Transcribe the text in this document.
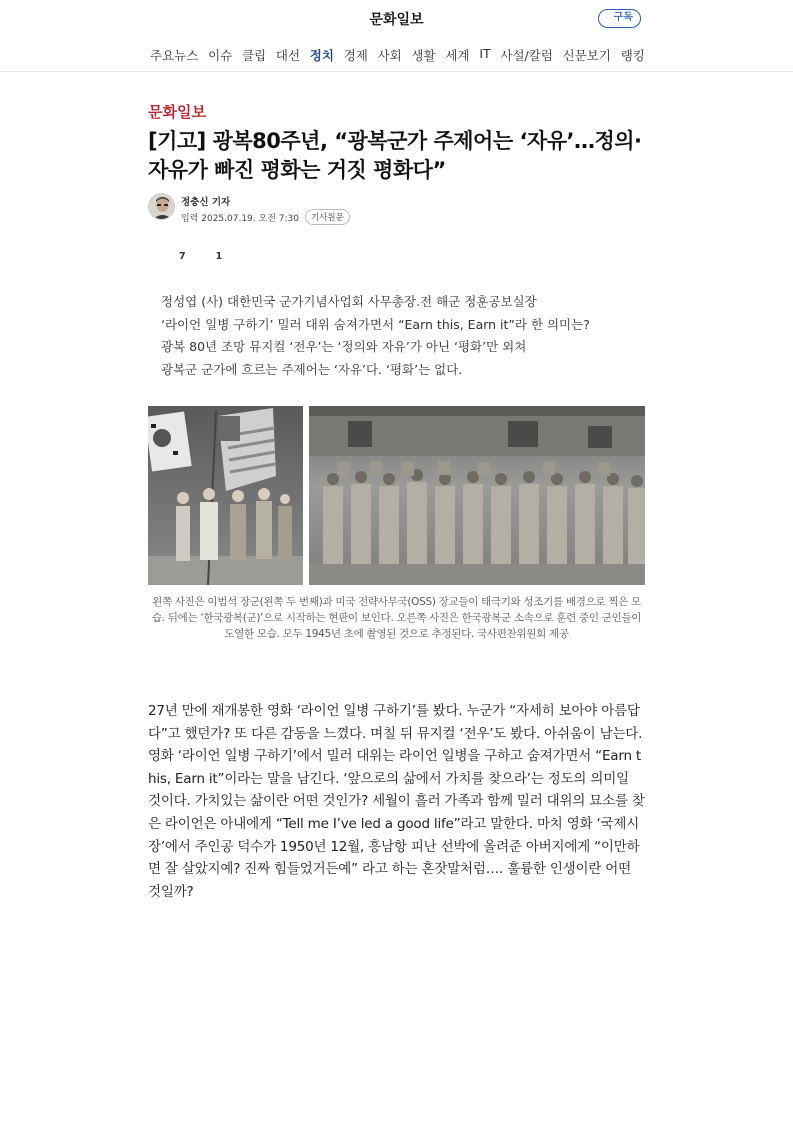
문화일보	구독
주요뉴스 이슈 클립 대선 정치 경제 사회 생활 세계 IT 사설/칼럼 신문보기 랭킹
문화일보
[기고] 광복80주년, “광복군가 주제어는 ‘자유’…정의·자유가 빠진 평화는 거짓 평화다”
정충신 기자
입력 2025.07.19. 오전 7:30	기사원문
7	1
정성엽 (사) 대한민국 군가기념사업회 사무총장.전 해군 정훈공보실장
‘라이언 일병 구하기’ 밀러 대위 숨져가면서 “Earn this, Earn it”라 한 의미는?
광복 80년 조망 뮤지컬 ‘전우’는 ‘정의와 자유’가 아닌 ‘평화’만 외쳐
광복군 군가에 흐르는 주제어는 ‘자유’다. ‘평화’는 없다.
왼쪽 사진은 이범석 장군(왼쪽 두 번째)과 미국 전략사무국(OSS) 장교들이 태극기와 성조기를 배경으로 찍은 모습. 뒤에는 ‘한국광복(군)’으로 시작하는 현판이 보인다. 오른쪽 사진은 한국광복군 소속으로 훈련 중인 군인들이 도열한 모습. 모두 1945년 초에 촬영된 것으로 추정된다. 국사편찬위원회 제공
27년 만에 재개봉한 영화 ‘라이언 일병 구하기’를 봤다. 누군가 “자세히 보아야 아름답다”고 했던가? 또 다른 감동을 느꼈다. 며칠 뒤 뮤지컬 ‘전우’도 봤다. 아쉬움이 남는다. 영화 ‘라이언 일병 구하기’에서 밀러 대위는 라이언 일병을 구하고 숨져가면서 “Earn this, Earn it”이라는 말을 남긴다. ‘앞으로의 삶에서 가치를 찾으라’는 정도의 의미일 것이다. 가치있는 삶이란 어떤 것인가? 세월이 흘러 가족과 함께 밀러 대위의 묘소를 찾은 라이언은 아내에게 “Tell me I’ve led a good life”라고 말한다. 마치 영화 ‘국제시장’에서 주인공 덕수가 1950년 12월, 흥남항 피난 선박에 올려준 아버지에게 “이만하면 잘 살았지예? 진짜 힘들었거든예” 라고 하는 혼잣말처럼…. 훌륭한 인생이란 어떤 것일까?
